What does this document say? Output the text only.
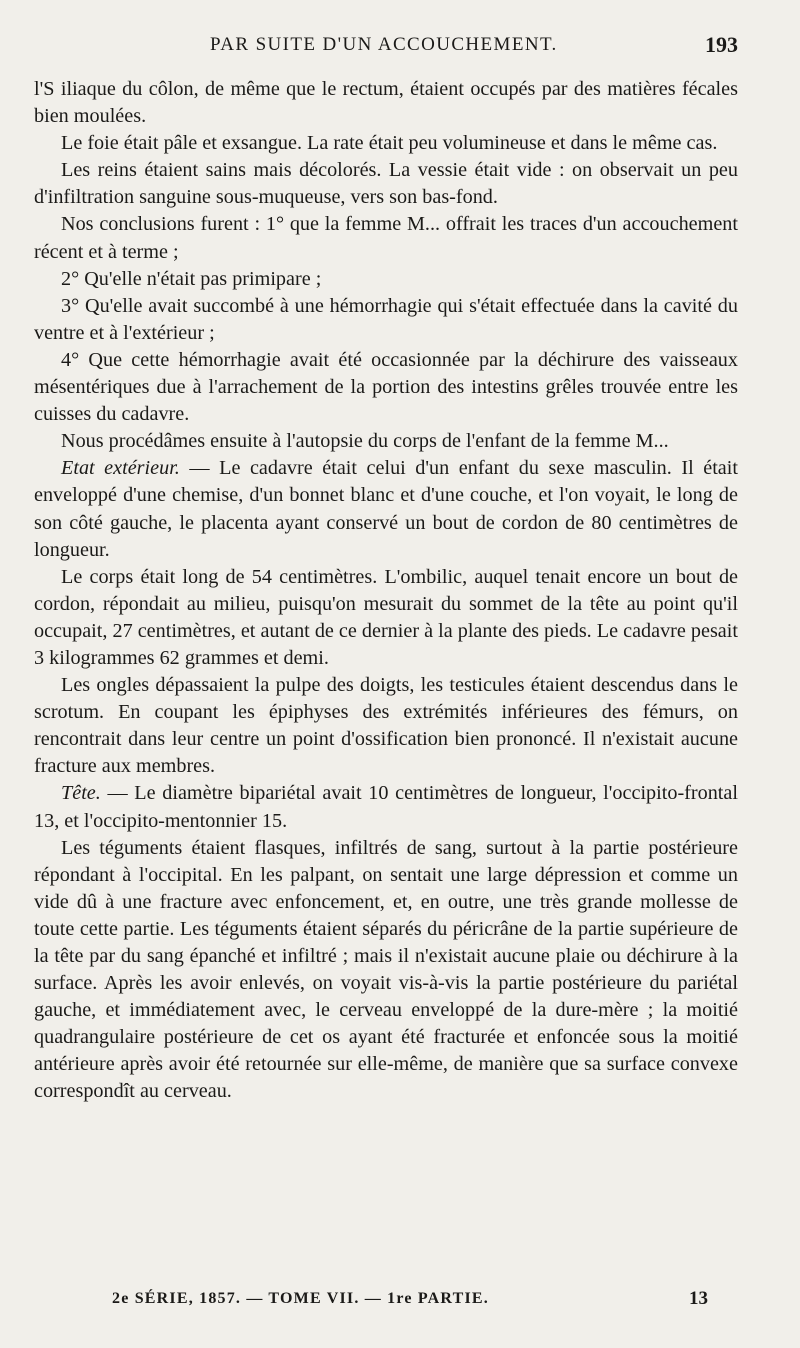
PAR SUITE D'UN ACCOUCHEMENT.	193

l'S iliaque du côlon, de même que le rectum, étaient occupés par des matières fécales bien moulées.

Le foie était pâle et exsangue. La rate était peu volumineuse et dans le même cas.

Les reins étaient sains mais décolorés. La vessie était vide : on observait un peu d'infiltration sanguine sous-muqueuse, vers son bas-fond.

Nos conclusions furent : 1° que la femme M... offrait les traces d'un accouchement récent et à terme ;

2° Qu'elle n'était pas primipare ;

3° Qu'elle avait succombé à une hémorrhagie qui s'était effectuée dans la cavité du ventre et à l'extérieur ;

4° Que cette hémorrhagie avait été occasionnée par la déchirure des vaisseaux mésentériques due à l'arrachement de la portion des intestins grêles trouvée entre les cuisses du cadavre.

Nous procédâmes ensuite à l'autopsie du corps de l'enfant de la femme M...

Etat extérieur. — Le cadavre était celui d'un enfant du sexe masculin. Il était enveloppé d'une chemise, d'un bonnet blanc et d'une couche, et l'on voyait, le long de son côté gauche, le placenta ayant conservé un bout de cordon de 80 centimètres de longueur.

Le corps était long de 54 centimètres. L'ombilic, auquel tenait encore un bout de cordon, répondait au milieu, puisqu'on mesurait du sommet de la tête au point qu'il occupait, 27 centimètres, et autant de ce dernier à la plante des pieds. Le cadavre pesait 3 kilogrammes 62 grammes et demi.

Les ongles dépassaient la pulpe des doigts, les testicules étaient descendus dans le scrotum. En coupant les épiphyses des extrémités inférieures des fémurs, on rencontrait dans leur centre un point d'ossification bien prononcé. Il n'existait aucune fracture aux membres.

Tête. — Le diamètre bipariétal avait 10 centimètres de longueur, l'occipito-frontal 13, et l'occipito-mentonnier 15.

Les téguments étaient flasques, infiltrés de sang, surtout à la partie postérieure répondant à l'occipital. En les palpant, on sentait une large dépression et comme un vide dû à une fracture avec enfoncement, et, en outre, une très grande mollesse de toute cette partie. Les téguments étaient séparés du péricrâne de la partie supérieure de la tête par du sang épanché et infiltré ; mais il n'existait aucune plaie ou déchirure à la surface. Après les avoir enlevés, on voyait vis-à-vis la partie postérieure du pariétal gauche, et immédiatement avec, le cerveau enveloppé de la dure-mère ; la moitié quadrangulaire postérieure de cet os ayant été fracturée et enfoncée sous la moitié antérieure après avoir été retournée sur elle-même, de manière que sa surface convexe correspondît au cerveau.

2e SÉRIE, 1857. — TOME VII. — 1re PARTIE.	13
